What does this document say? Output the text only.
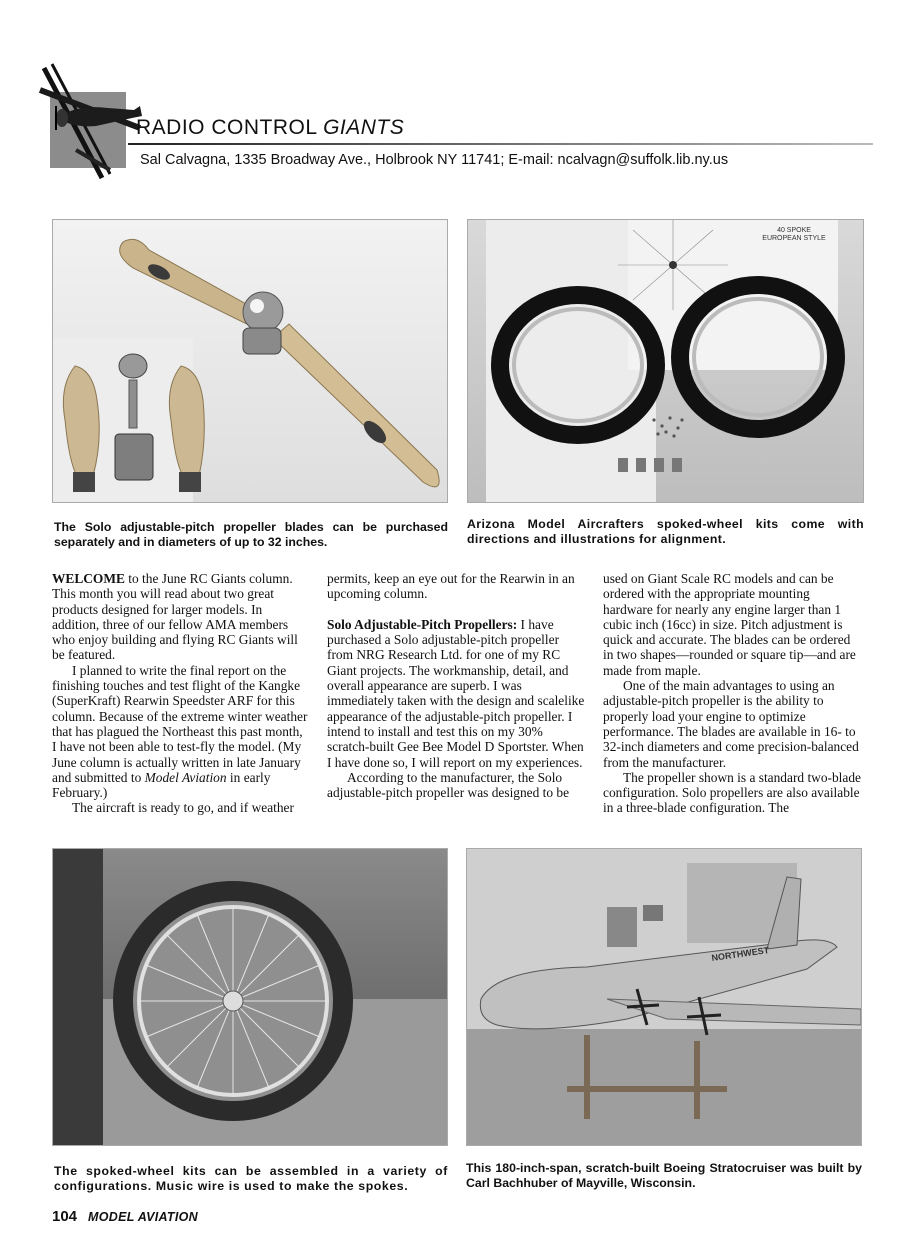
RADIO CONTROL GIANTS
Sal Calvagna, 1335 Broadway Ave., Holbrook NY 11741; E-mail: ncalvagn@suffolk.lib.ny.us
40 SPOKE EUROPEAN STYLE

The Solo adjustable-pitch propeller blades can be purchased separately and in diameters of up to 32 inches.

Arizona Model Aircrafters spoked-wheel kits come with directions and illustrations for alignment.

WELCOME to the June RC Giants column. This month you will read about two great products designed for larger models. In addition, three of our fellow AMA members who enjoy building and flying RC Giants will be featured.

I planned to write the final report on the finishing touches and test flight of the Kangke (SuperKraft) Rearwin Speedster ARF for this column. Because of the extreme winter weather that has plagued the Northeast this past month, I have not been able to test-fly the model. (My June column is actually written in late January and submitted to Model Aviation in early February.)

The aircraft is ready to go, and if weather

permits, keep an eye out for the Rearwin in an upcoming column.

Solo Adjustable-Pitch Propellers: I have purchased a Solo adjustable-pitch propeller from NRG Research Ltd. for one of my RC Giant projects. The workmanship, detail, and overall appearance are superb. I was immediately taken with the design and scalelike appearance of the adjustable-pitch propeller. I intend to install and test this on my 30% scratch-built Gee Bee Model D Sportster. When I have done so, I will report on my experiences.

According to the manufacturer, the Solo adjustable-pitch propeller was designed to be

used on Giant Scale RC models and can be ordered with the appropriate mounting hardware for nearly any engine larger than 1 cubic inch (16cc) in size. Pitch adjustment is quick and accurate. The blades can be ordered in two shapes—rounded or square tip—and are made from maple.

One of the main advantages to using an adjustable-pitch propeller is the ability to properly load your engine to optimize performance. The blades are available in 16- to 32-inch diameters and come precision-balanced from the manufacturer.

The propeller shown is a standard two-blade configuration. Solo propellers are also available in a three-blade configuration. The

NORTHWEST

The spoked-wheel kits can be assembled in a variety of configurations. Music wire is used to make the spokes.

This 180-inch-span, scratch-built Boeing Stratocruiser was built by Carl Bachhuber of Mayville, Wisconsin.

104 MODEL AVIATION
